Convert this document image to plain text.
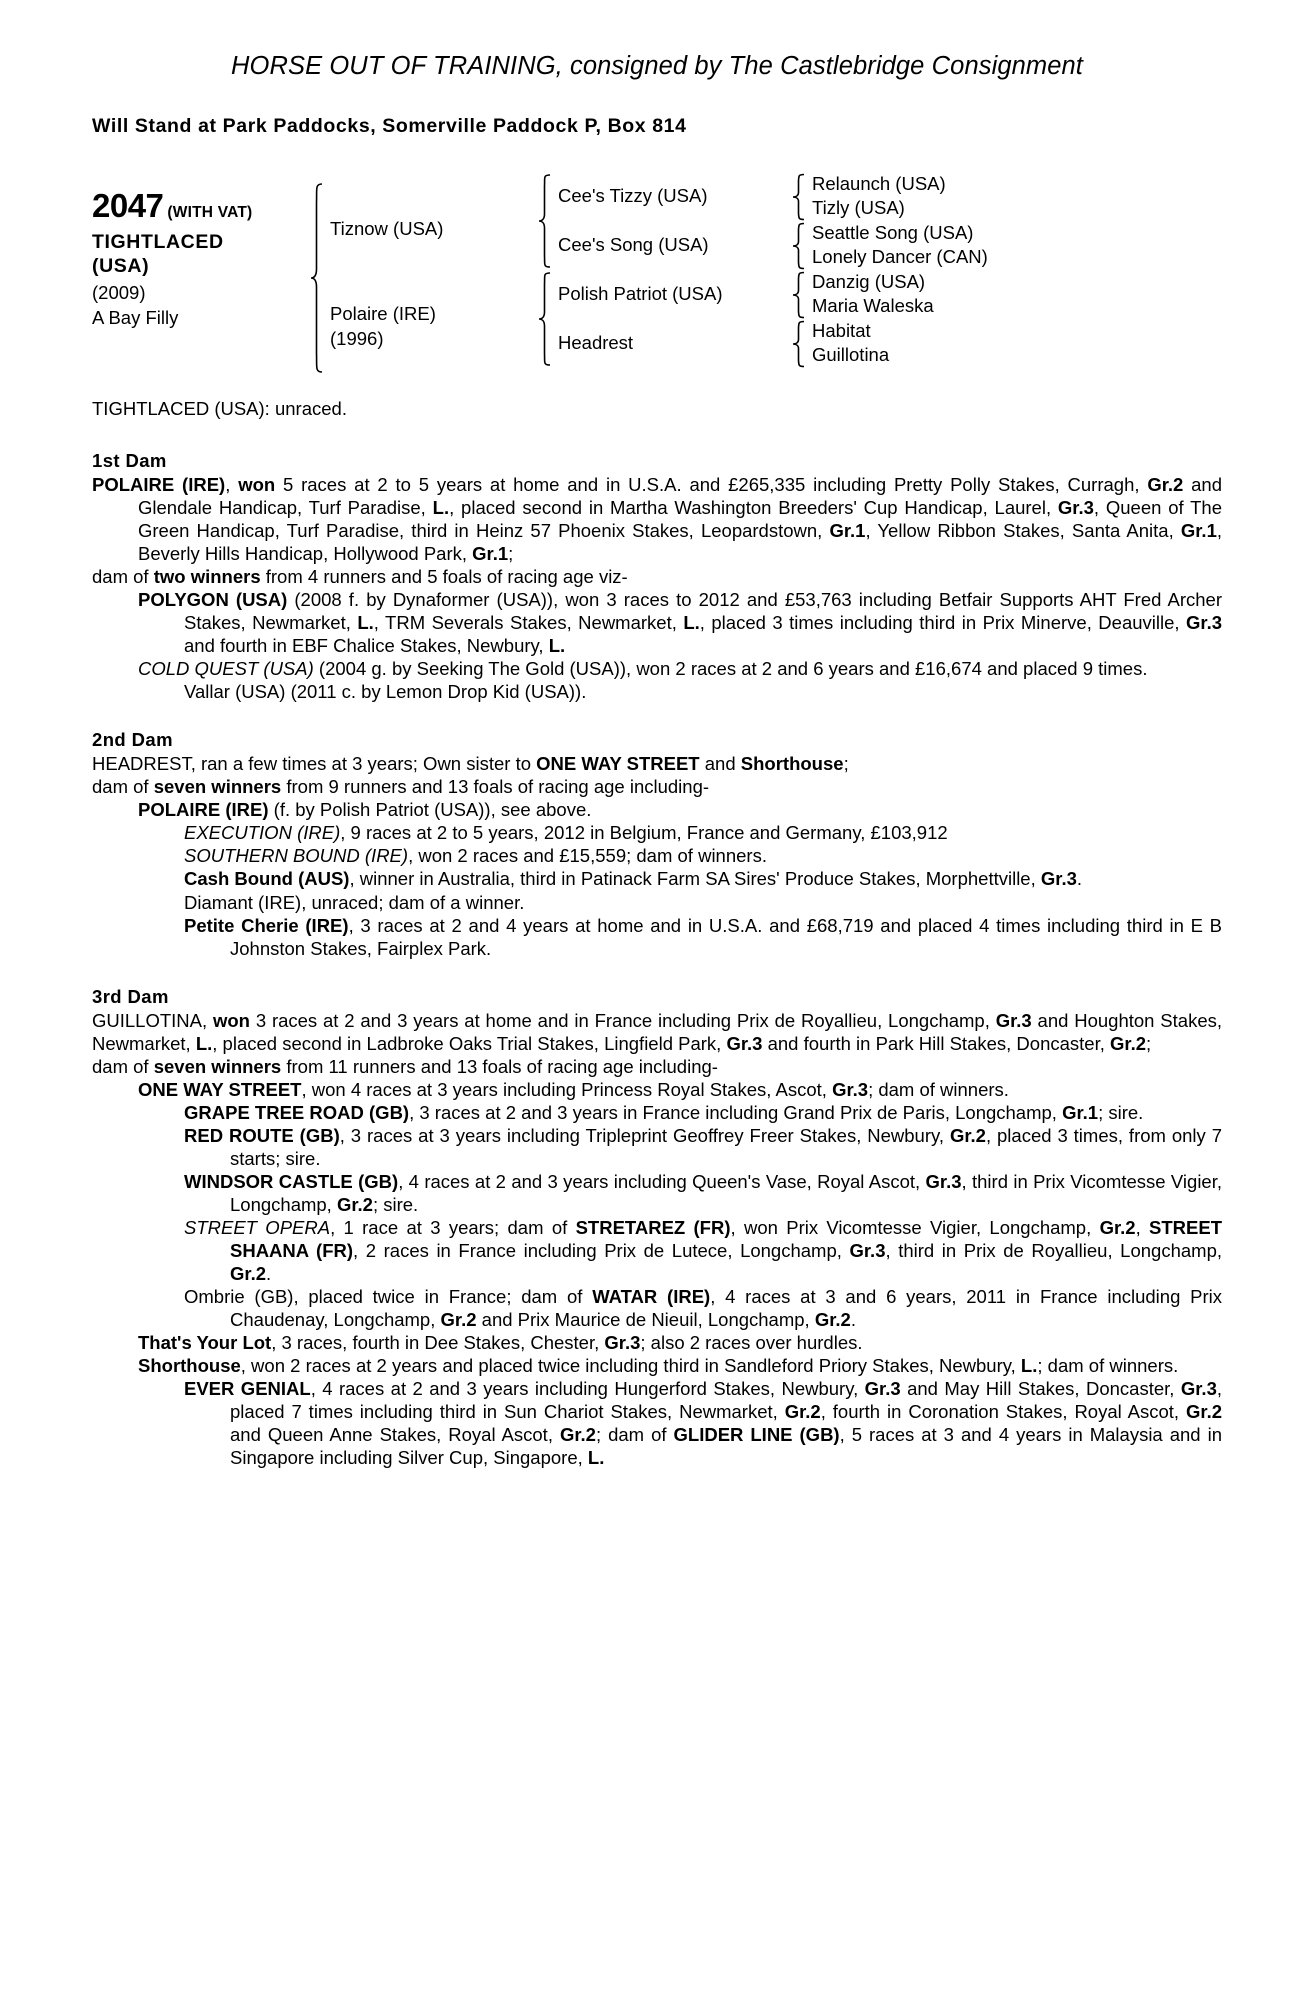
HORSE OUT OF TRAINING, consigned by The Castlebridge Consignment
Will Stand at Park Paddocks, Somerville Paddock P, Box 814
2047 (WITH VAT)
TIGHTLACED
(USA)
(2009)
A Bay Filly
Tiznow (USA)
Polaire (IRE)
(1996)
Cee's Tizzy (USA)
Cee's Song (USA)
Polish Patriot (USA)
Headrest
Relaunch (USA)
Tizly (USA)
Seattle Song (USA)
Lonely Dancer (CAN)
Danzig (USA)
Maria Waleska
Habitat
Guillotina
TIGHTLACED (USA): unraced.
1st Dam

POLAIRE (IRE), won 5 races at 2 to 5 years at home and in U.S.A. and £265,335 including Pretty Polly Stakes, Curragh, Gr.2 and Glendale Handicap, Turf Paradise, L., placed second in Martha Washington Breeders' Cup Handicap, Laurel, Gr.3, Queen of The Green Handicap, Turf Paradise, third in Heinz 57 Phoenix Stakes, Leopardstown, Gr.1, Yellow Ribbon Stakes, Santa Anita, Gr.1, Beverly Hills Handicap, Hollywood Park, Gr.1;

dam of two winners from 4 runners and 5 foals of racing age viz-

POLYGON (USA) (2008 f. by Dynaformer (USA)), won 3 races to 2012 and £53,763 including Betfair Supports AHT Fred Archer Stakes, Newmarket, L., TRM Severals Stakes, Newmarket, L., placed 3 times including third in Prix Minerve, Deauville, Gr.3 and fourth in EBF Chalice Stakes, Newbury, L.

COLD QUEST (USA) (2004 g. by Seeking The Gold (USA)), won 2 races at 2 and 6 years and £16,674 and placed 9 times.

Vallar (USA) (2011 c. by Lemon Drop Kid (USA)).

2nd Dam

HEADREST, ran a few times at 3 years; Own sister to ONE WAY STREET and Shorthouse;

dam of seven winners from 9 runners and 13 foals of racing age including-

POLAIRE (IRE) (f. by Polish Patriot (USA)), see above.

EXECUTION (IRE), 9 races at 2 to 5 years, 2012 in Belgium, France and Germany, £103,912

SOUTHERN BOUND (IRE), won 2 races and £15,559; dam of winners.

Cash Bound (AUS), winner in Australia, third in Patinack Farm SA Sires' Produce Stakes, Morphettville, Gr.3.

Diamant (IRE), unraced; dam of a winner.

Petite Cherie (IRE), 3 races at 2 and 4 years at home and in U.S.A. and £68,719 and placed 4 times including third in E B Johnston Stakes, Fairplex Park.

3rd Dam

GUILLOTINA, won 3 races at 2 and 3 years at home and in France including Prix de Royallieu, Longchamp, Gr.3 and Houghton Stakes, Newmarket, L., placed second in Ladbroke Oaks Trial Stakes, Lingfield Park, Gr.3 and fourth in Park Hill Stakes, Doncaster, Gr.2;

dam of seven winners from 11 runners and 13 foals of racing age including-

ONE WAY STREET, won 4 races at 3 years including Princess Royal Stakes, Ascot, Gr.3; dam of winners.

GRAPE TREE ROAD (GB), 3 races at 2 and 3 years in France including Grand Prix de Paris, Longchamp, Gr.1; sire.

RED ROUTE (GB), 3 races at 3 years including Tripleprint Geoffrey Freer Stakes, Newbury, Gr.2, placed 3 times, from only 7 starts; sire.

WINDSOR CASTLE (GB), 4 races at 2 and 3 years including Queen's Vase, Royal Ascot, Gr.3, third in Prix Vicomtesse Vigier, Longchamp, Gr.2; sire.

STREET OPERA, 1 race at 3 years; dam of STRETAREZ (FR), won Prix Vicomtesse Vigier, Longchamp, Gr.2, STREET SHAANA (FR), 2 races in France including Prix de Lutece, Longchamp, Gr.3, third in Prix de Royallieu, Longchamp, Gr.2.

Ombrie (GB), placed twice in France; dam of WATAR (IRE), 4 races at 3 and 6 years, 2011 in France including Prix Chaudenay, Longchamp, Gr.2 and Prix Maurice de Nieuil, Longchamp, Gr.2.

That's Your Lot, 3 races, fourth in Dee Stakes, Chester, Gr.3; also 2 races over hurdles.

Shorthouse, won 2 races at 2 years and placed twice including third in Sandleford Priory Stakes, Newbury, L.; dam of winners.

EVER GENIAL, 4 races at 2 and 3 years including Hungerford Stakes, Newbury, Gr.3 and May Hill Stakes, Doncaster, Gr.3, placed 7 times including third in Sun Chariot Stakes, Newmarket, Gr.2, fourth in Coronation Stakes, Royal Ascot, Gr.2 and Queen Anne Stakes, Royal Ascot, Gr.2; dam of GLIDER LINE (GB), 5 races at 3 and 4 years in Malaysia and in Singapore including Silver Cup, Singapore, L.
